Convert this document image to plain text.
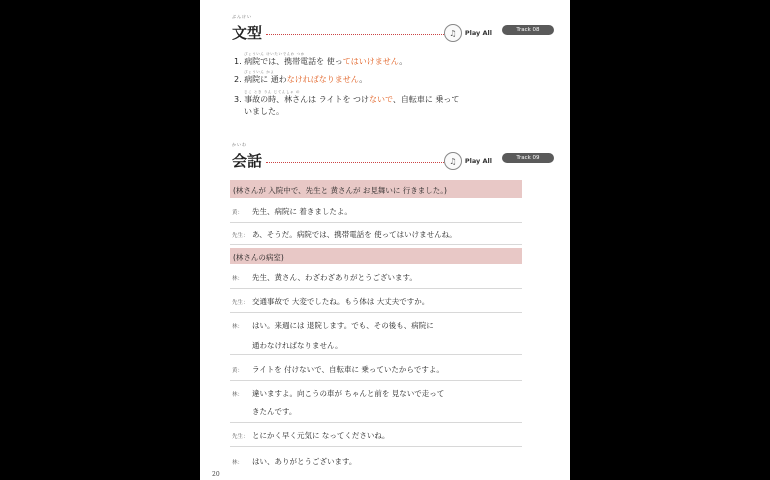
ぶんけい
文型	♫	Play All	Track 08
びょういん けいたいでんわ つか
1. 病院では、携帯電話を 使ってはいけません。
びょういん かよ
2. 病院に 通わなければなりません。
じこ とき りん じてんしゃ の
3. 事故の時、林さんは ライトを つけないで、自転車に 乗って
いました。
かいわ
会話	♫	Play All	Track 09
(林さんが 入院中で、先生と 黄さんが お見舞いに 行きました。)
黄： 先生、病院に 着きましたよ。
先生： あ、そうだ。病院では、携帯電話を 使ってはいけませんね。
(林さんの病室)
林： 先生、黄さん、わざわざありがとうございます。
先生： 交通事故で 大変でしたね。もう体は 大丈夫ですか。
林： はい。来週には 退院します。でも、その後も、病院に
通わなければなりません。
黄： ライトを 付けないで、自転車に 乗っていたからですよ。
林： 違いますよ。向こうの車が ちゃんと前を 見ないで走って
きたんです。
先生： とにかく早く元気に なってくださいね。
林： はい、ありがとうございます。
20
